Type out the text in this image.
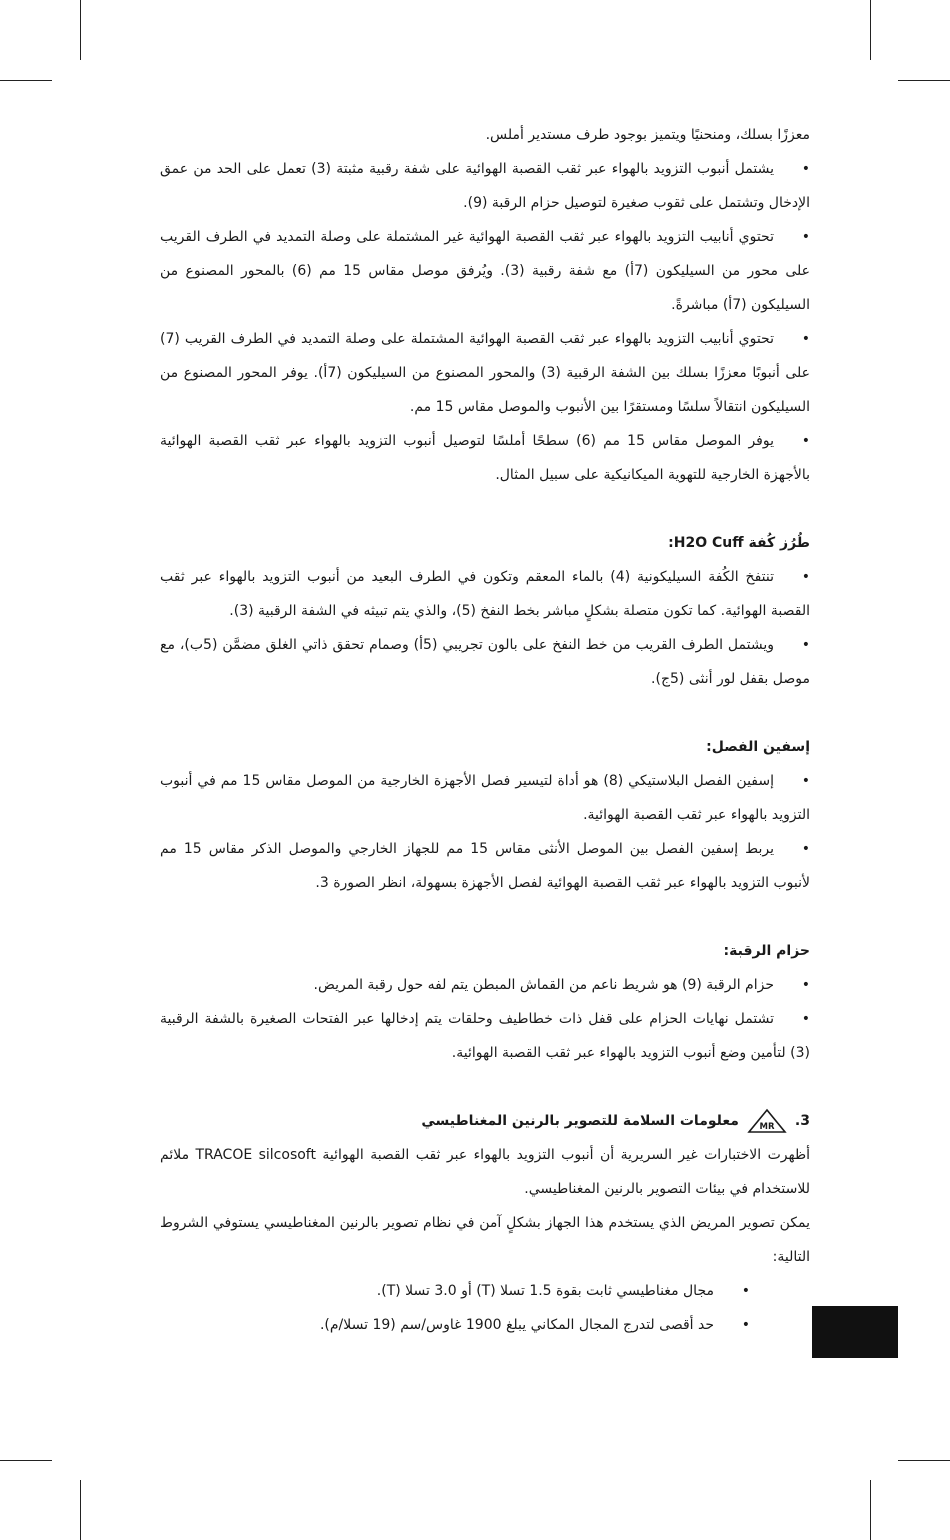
معززًا بسلك، ومنحنيًا ويتميز بوجود طرف مستدير أملس.

• يشتمل أنبوب التزويد بالهواء عبر ثقب القصبة الهوائية على شفة رقبية مثبتة (3) تعمل على الحد من عمق الإدخال وتشتمل على ثقوب صغيرة لتوصيل حزام الرقبة (9).

• تحتوي أنابيب التزويد بالهواء عبر ثقب القصبة الهوائية غير المشتملة على وصلة التمديد في الطرف القريب على محور من السيليكون (7أ) مع شفة رقبية (3). ويُرفق موصل مقاس 15 مم (6) بالمحور المصنوع من السيليكون (7أ) مباشرةً.

• تحتوي أنابيب التزويد بالهواء عبر ثقب القصبة الهوائية المشتملة على وصلة التمديد في الطرف القريب (7) على أنبوبًا معززًا بسلك بين الشفة الرقبية (3) والمحور المصنوع من السيليكون (7أ). يوفر المحور المصنوع من السيليكون انتقالاً سلسًا ومستقرًا بين الأنبوب والموصل مقاس 15 مم.

• يوفر الموصل مقاس 15 مم (6) سطحًا أملسًا لتوصيل أنبوب التزويد بالهواء عبر ثقب القصبة الهوائية بالأجهزة الخارجية للتهوية الميكانيكية على سبيل المثال.

طُرُز كُفة H2O Cuff:

• تنتفخ الكُفة السيليكونية (4) بالماء المعقم وتكون في الطرف البعيد من أنبوب التزويد بالهواء عبر ثقب القصبة الهوائية. كما تكون متصلة بشكلٍ مباشر بخط النفخ (5)، والذي يتم تبيثه في الشفة الرقبية (3).

• ويشتمل الطرف القريب من خط النفخ على بالون تجريبي (5أ) وصمام تحقق ذاتي الغلق مضمَّن (5ب)، مع موصل بقفل لور أنثى (5ج).

إسفين الفصل:

• إسفين الفصل البلاستيكي (8) هو أداة لتيسير فصل الأجهزة الخارجية من الموصل مقاس 15 مم في أنبوب التزويد بالهواء عبر ثقب القصبة الهوائية.

• يربط إسفين الفصل بين الموصل الأنثى مقاس 15 مم للجهاز الخارجي والموصل الذكر مقاس 15 مم لأنبوب التزويد بالهواء عبر ثقب القصبة الهوائية لفصل الأجهزة بسهولة، انظر الصورة 3.

حزام الرقبة:

• حزام الرقبة (9) هو شريط ناعم من القماش المبطن يتم لفه حول رقبة المريض.

• تشتمل نهايات الحزام على قفل ذات خطاطيف وحلقات يتم إدخالها عبر الفتحات الصغيرة بالشفة الرقبية (3) لتأمين وضع أنبوب التزويد بالهواء عبر ثقب القصبة الهوائية.

3.
MR
معلومات السلامة للتصوير بالرنين المغناطيسي

أظهرت الاختبارات غير السريرية أن أنبوب التزويد بالهواء عبر ثقب القصبة الهوائية TRACOE silcosoft ملائم للاستخدام في بيئات التصوير بالرنين المغناطيسي.

يمكن تصوير المريض الذي يستخدم هذا الجهاز بشكلٍ آمن في نظام تصوير بالرنين المغناطيسي يستوفي الشروط التالية:

• مجال مغناطيسي ثابت بقوة 1.5 تسلا (T) أو 3.0 تسلا (T).

• حد أقصى لتدرج المجال المكاني يبلغ 1900 غاوس/سم (19 تسلا/م).
